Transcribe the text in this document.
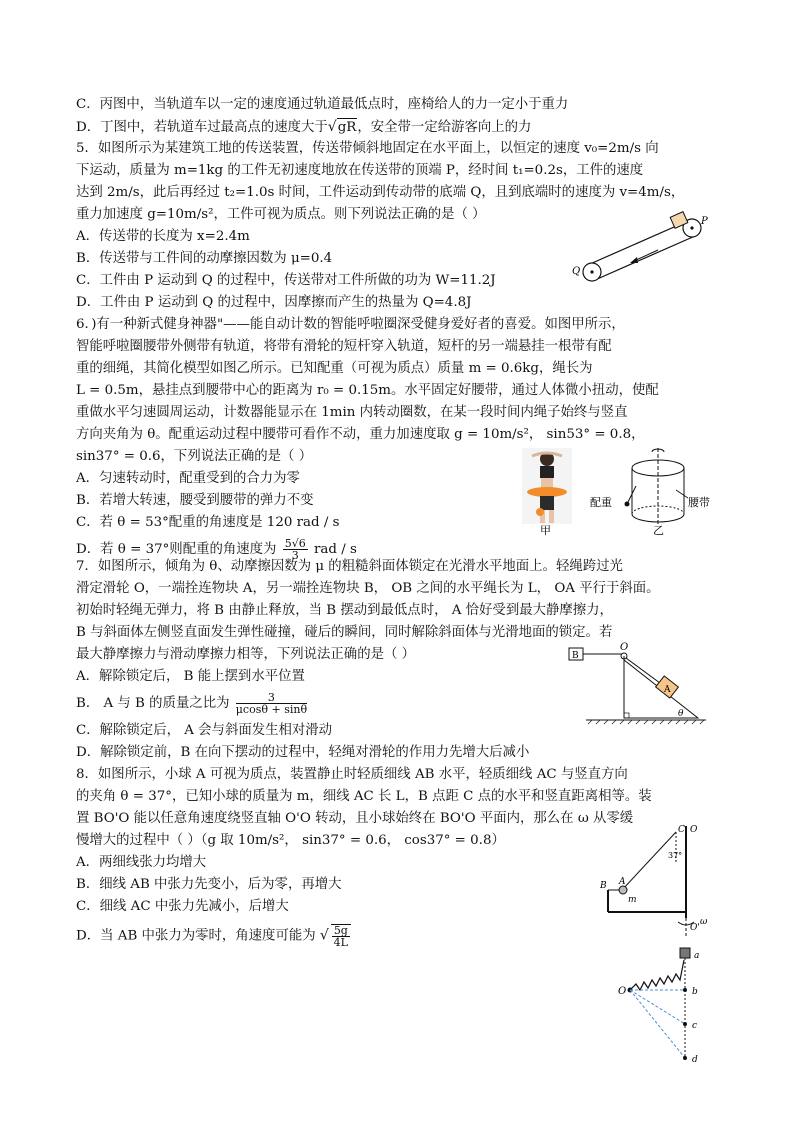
C．丙图中，当轨道车以一定的速度通过轨道最低点时，座椅给人的力一定小于重力
D．丁图中，若轨道车过最高点的速度大于√gR，安全带一定给游客向上的力
5．如图所示为某建筑工地的传送装置，传送带倾斜地固定在水平面上，以恒定的速度 v₀=2m/s 向
下运动，质量为 m=1kg 的工件无初速度地放在传送带的顶端 P，经时间 t₁=0.2s，工件的速度
达到 2m/s，此后再经过 t₂=1.0s 时间，工件运动到传动带的底端 Q，且到底端时的速度为 v=4m/s，
重力加速度 g=10m/s²，工件可视为质点。则下列说法正确的是（ ）
A．传送带的长度为 x=2.4m
B．传送带与工件间的动摩擦因数为 μ=0.4
C．工件由 P 运动到 Q 的过程中，传送带对工件所做的功为 W=11.2J
D．工件由 P 运动到 Q 的过程中，因摩擦而产生的热量为 Q=4.8J
P
Q
6．)有一种新式健身神器"——能自动计数的智能呼啦圈深受健身爱好者的喜爱。如图甲所示，
智能呼啦圈腰带外侧带有轨道，将带有滑轮的短杆穿入轨道，短杆的另一端悬挂一根带有配
重的细绳，其简化模型如图乙所示。已知配重（可视为质点）质量 m = 0.6kg，绳长为
L = 0.5m，悬挂点到腰带中心的距离为 r₀ = 0.15m。水平固定好腰带，通过人体微小扭动，使配
重做水平匀速圆周运动，计数器能显示在 1min 内转动圈数，在某一段时间内绳子始终与竖直
方向夹角为 θ。配重运动过程中腰带可看作不动，重力加速度取 g = 10m/s²， sin53° = 0.8，
sin37° = 0.6，下列说法正确的是（ ）
A．匀速转动时，配重受到的合力为零
B．若增大转速，腰受到腰带的弹力不变
C．若 θ = 53°配重的角速度是 120 rad / s
D．若 θ = 37°则配重的角速度为 $\frac{5√6}{3}$ rad / s
甲
配重	腰带
乙
7．如图所示，倾角为 θ、动摩擦因数为 μ 的粗糙斜面体锁定在光滑水平地面上。轻绳跨过光
滑定滑轮 O，一端拴连物块 A，另一端拴连物块 B， OB 之间的水平绳长为 L， OA 平行于斜面。
初始时轻绳无弹力，将 B 由静止释放，当 B 摆动到最低点时， A 恰好受到最大静摩擦力，
B 与斜面体左侧竖直面发生弹性碰撞，碰后的瞬间，同时解除斜面体与光滑地面的锁定。若
最大静摩擦力与滑动摩擦力相等，下列说法正确的是（ ）
A．解除锁定后， B 能上摆到水平位置
B． A 与 B 的质量之比为 $\frac{3}{\mu\cos\theta + \sin\theta}$
C．解除锁定后， A 会与斜面发生相对滑动
D．解除锁定前，B 在向下摆动的过程中，轻绳对滑轮的作用力先增大后减小
B
O
A
θ
8．如图所示，小球 A 可视为质点，装置静止时轻质细线 AB 水平，轻质细线 AC 与竖直方向
的夹角 θ = 37°，已知小球的质量为 m，细线 AC 长 L，B 点距 C 点的水平和竖直距离相等。装
置 BO'O 能以任意角速度绕竖直轴 O'O 转动，且小球始终在 BO'O 平面内，那么在 ω 从零缓
慢增大的过程中（ ）（g 取 10m/s²， sin37° = 0.6， cos37° = 0.8）
A．两细线张力均增大
B．细线 AB 中张力先变小，后为零，再增大
C．细线 AC 中张力先减小，后增大
D．当 AB 中张力为零时，角速度可能为 √ $\frac{5g}{4L}$
C O
37°
B A
m
O'
ω
a
O	b
c
d
